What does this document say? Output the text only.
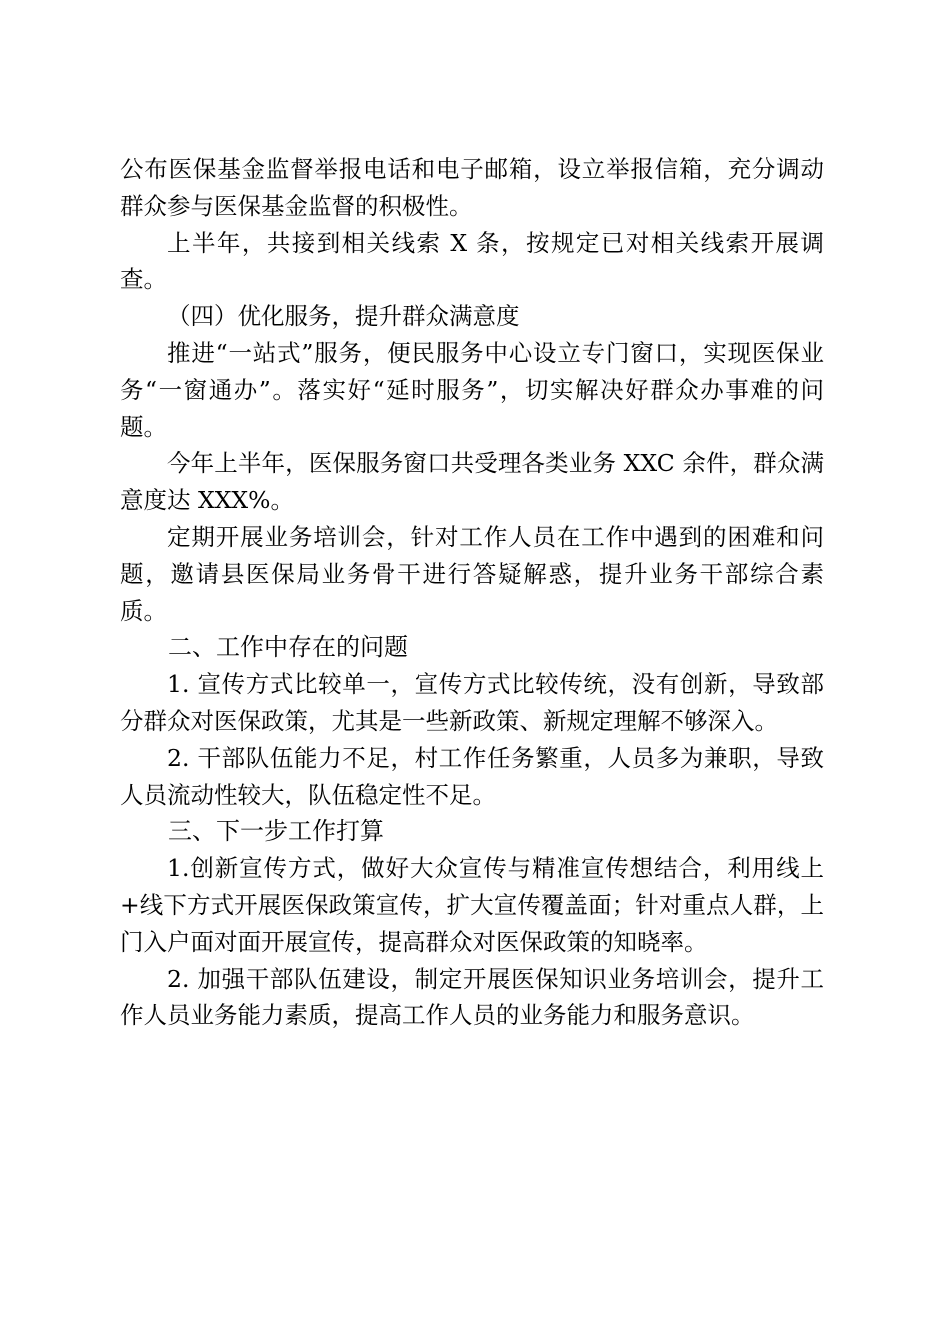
公布医保基金监督举报电话和电子邮箱，设立举报信箱，充分调动群众参与医保基金监督的积极性。

上半年，共接到相关线索 X 条，按规定已对相关线索开展调查。

（四）优化服务，提升群众满意度

推进“一站式”服务，便民服务中心设立专门窗口，实现医保业务“一窗通办”。落实好“延时服务”，切实解决好群众办事难的问题。

今年上半年，医保服务窗口共受理各类业务 XXC 余件，群众满意度达 XXX%。

定期开展业务培训会，针对工作人员在工作中遇到的困难和问题，邀请县医保局业务骨干进行答疑解惑，提升业务干部综合素质。

二、工作中存在的问题

1. 宣传方式比较单一，宣传方式比较传统，没有创新，导致部分群众对医保政策，尤其是一些新政策、新规定理解不够深入。

2. 干部队伍能力不足，村工作任务繁重，人员多为兼职，导致人员流动性较大，队伍稳定性不足。

三、下一步工作打算

1.创新宣传方式，做好大众宣传与精准宣传想结合，利用线上+线下方式开展医保政策宣传，扩大宣传覆盖面；针对重点人群，上门入户面对面开展宣传，提高群众对医保政策的知晓率。

2. 加强干部队伍建设，制定开展医保知识业务培训会，提升工作人员业务能力素质，提高工作人员的业务能力和服务意识。
